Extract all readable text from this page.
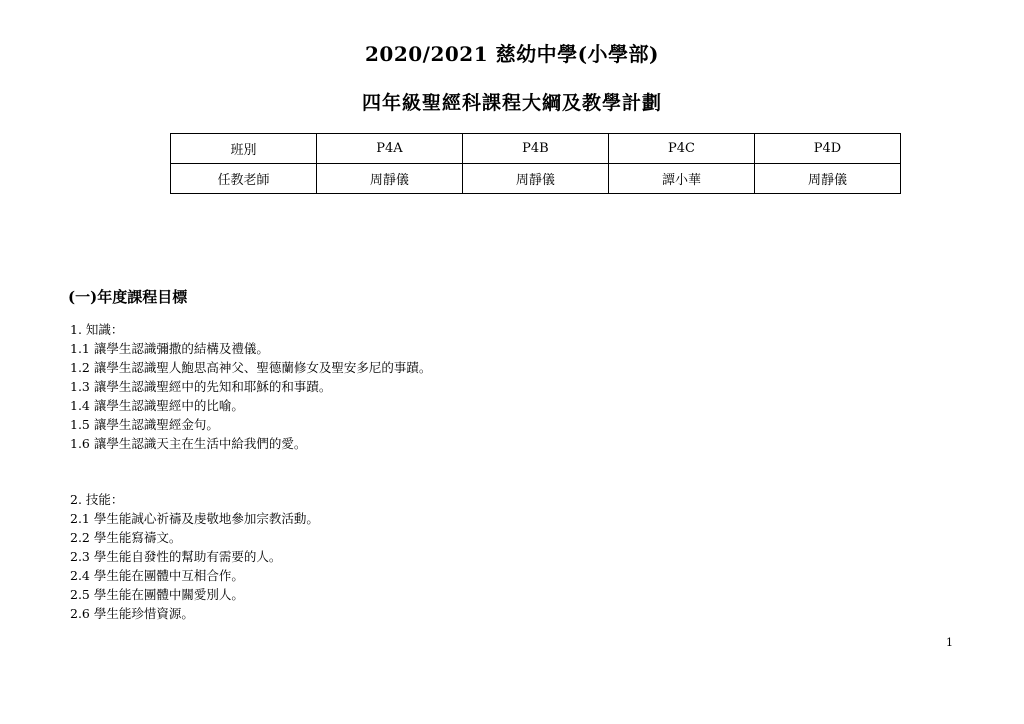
2020/2021 慈幼中學(小學部)
四年級聖經科課程大綱及教學計劃
班別	P4A	P4B	P4C	P4D
任教老師	周靜儀	周靜儀	譚小華	周靜儀
(一)年度課程目標
1. 知識：
1.1 讓學生認識彌撒的結構及禮儀。
1.2 讓學生認識聖人鮑思高神父、聖德蘭修女及聖安多尼的事蹟。
1.3 讓學生認識聖經中的先知和耶穌的和事蹟。
1.4 讓學生認識聖經中的比喻。
1.5 讓學生認識聖經金句。
1.6 讓學生認識天主在生活中給我們的愛。
2. 技能：
2.1 學生能誠心祈禱及虔敬地參加宗教活動。
2.2 學生能寫禱文。
2.3 學生能自發性的幫助有需要的人。
2.4 學生能在團體中互相合作。
2.5 學生能在團體中關愛別人。
2.6 學生能珍惜資源。
1
